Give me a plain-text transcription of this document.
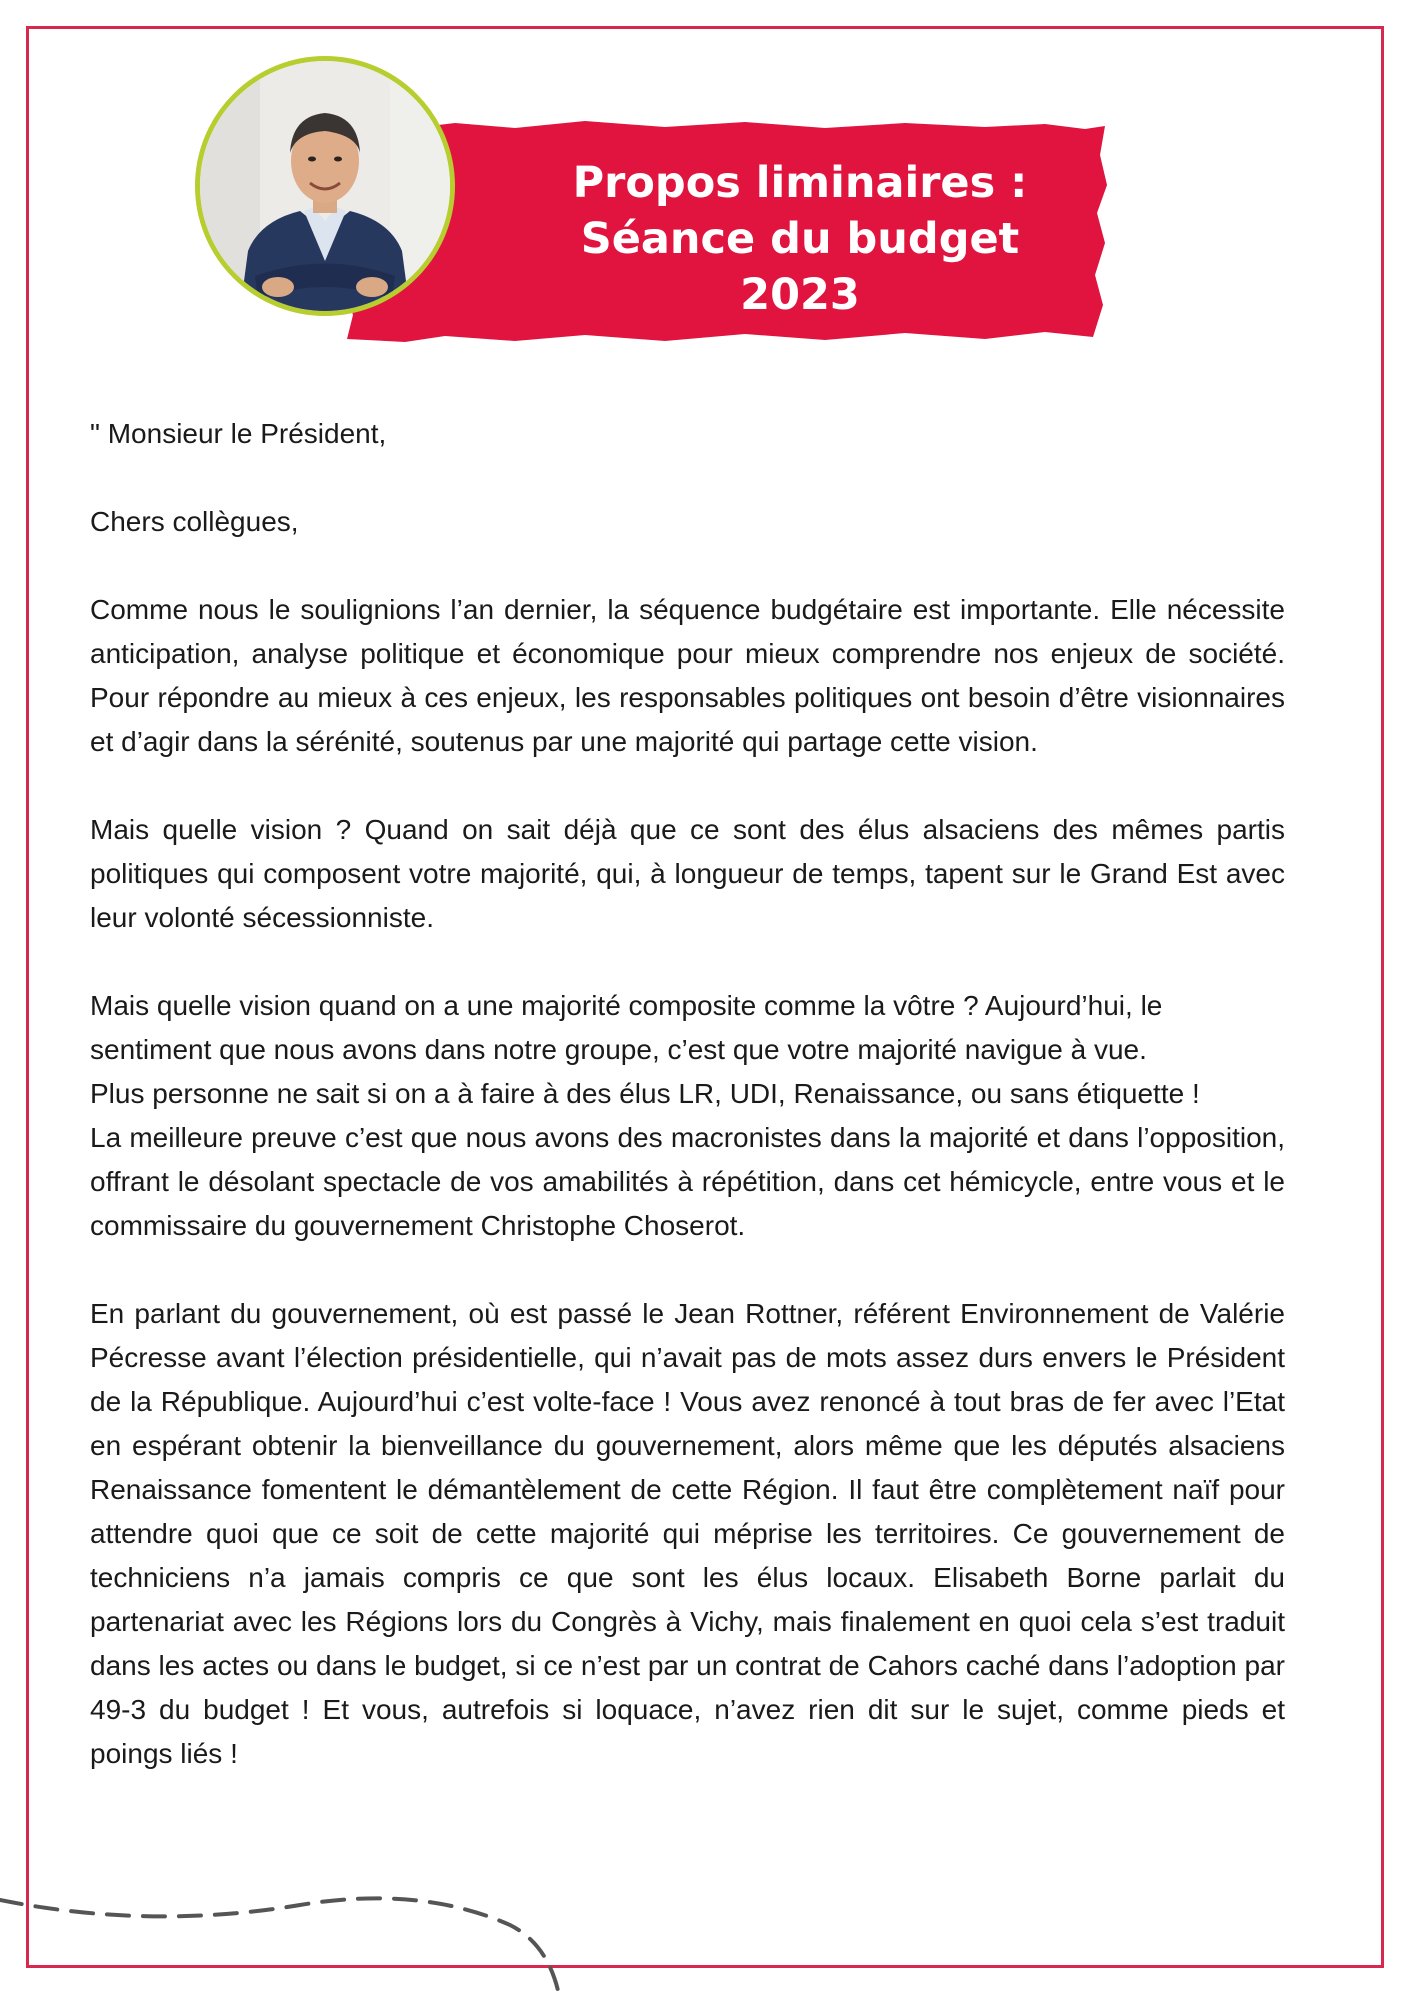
Propos liminaires :
Séance du budget
2023

" Monsieur le Président,

Chers collègues,

Comme nous le soulignions l’an dernier, la séquence budgétaire est importante. Elle nécessite anticipation, analyse politique et économique pour mieux comprendre nos enjeux de société. Pour répondre au mieux à ces enjeux, les responsables politiques ont besoin d’être visionnaires et d’agir dans la sérénité, soutenus par une majorité qui partage cette vision.

Mais quelle vision ? Quand on sait déjà que ce sont des élus alsaciens des mêmes partis politiques qui composent votre majorité, qui, à longueur de temps, tapent sur le Grand Est avec leur volonté sécessionniste.

Mais quelle vision quand on a une majorité composite comme la vôtre ? Aujourd’hui, le
sentiment que nous avons dans notre groupe, c’est que votre majorité navigue à vue.
Plus personne ne sait si on a à faire à des élus LR, UDI, Renaissance, ou sans étiquette !
La meilleure preuve c’est que nous avons des macronistes dans la majorité et dans l’opposition, offrant le désolant spectacle de vos amabilités à répétition, dans cet hémicycle, entre vous et le commissaire du gouvernement Christophe Choserot.

En parlant du gouvernement, où est passé le Jean Rottner, référent Environnement de Valérie Pécresse avant l’élection présidentielle, qui n’avait pas de mots assez durs envers le Président de la République. Aujourd’hui c’est volte-face ! Vous avez renoncé à tout bras de fer avec l’Etat en espérant obtenir la bienveillance du gouvernement, alors même que les députés alsaciens Renaissance fomentent le démantèlement de cette Région. Il faut être complètement naïf pour attendre quoi que ce soit de cette majorité qui méprise les territoires. Ce gouvernement de techniciens n’a jamais compris ce que sont les élus locaux. Elisabeth Borne parlait du partenariat avec les Régions lors du Congrès à Vichy, mais finalement en quoi cela s’est traduit dans les actes ou dans le budget, si ce n’est par un contrat de Cahors caché dans l’adoption par 49-3 du budget ! Et vous, autrefois si loquace, n’avez rien dit sur le sujet, comme pieds et poings liés !
